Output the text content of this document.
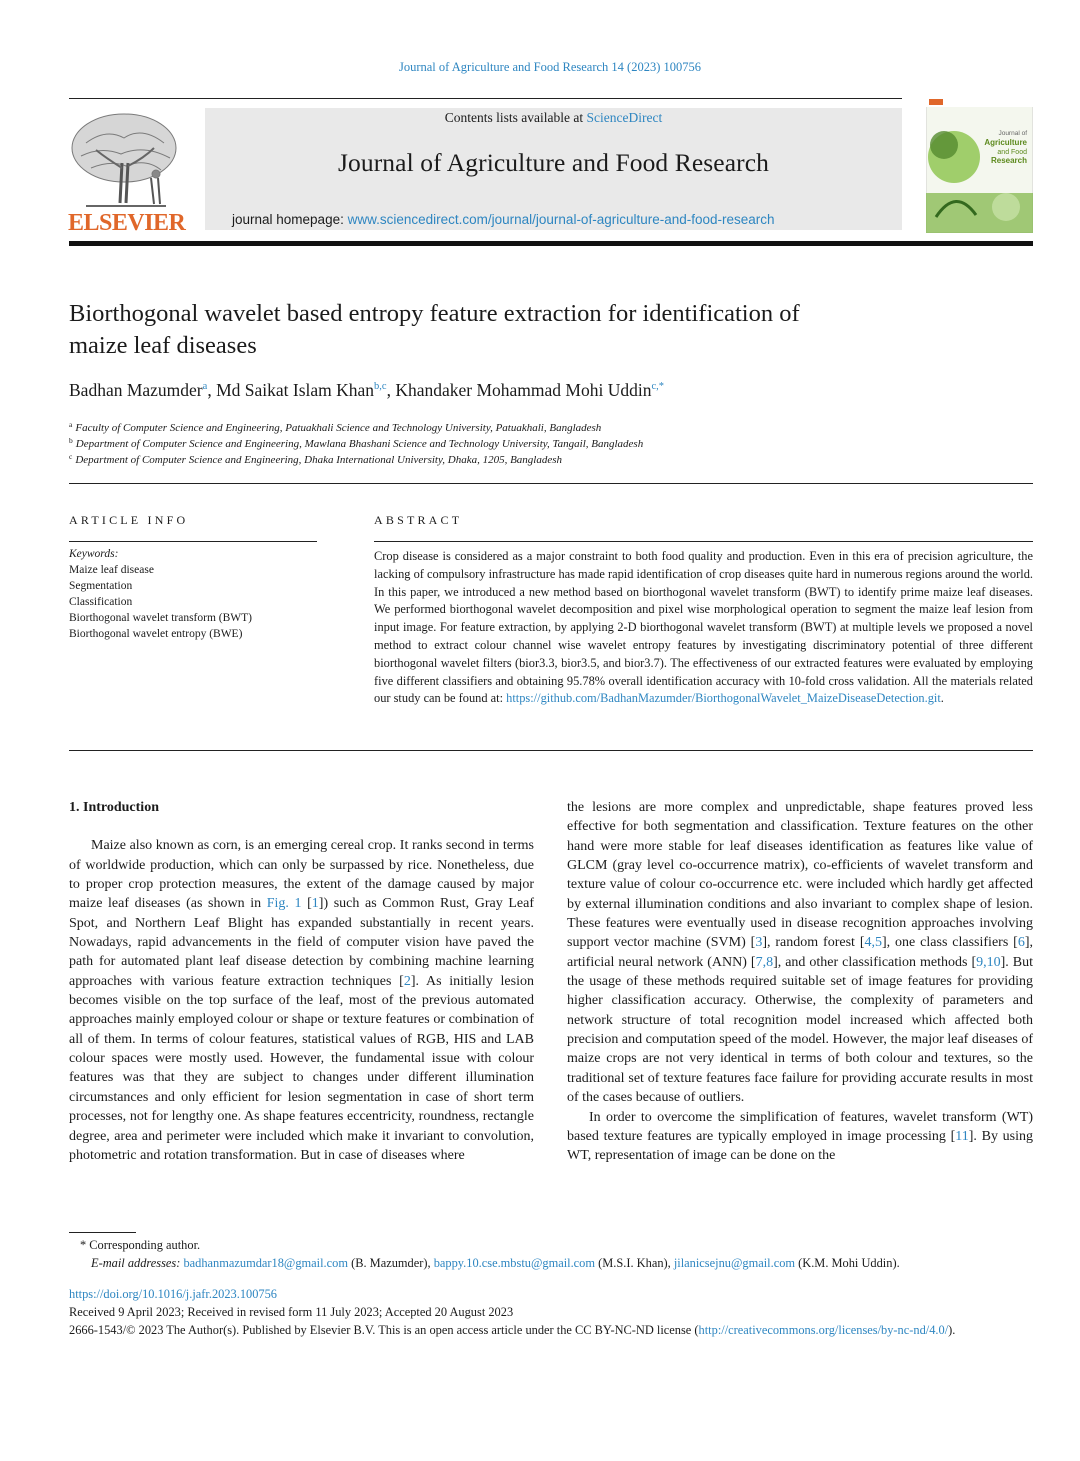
Journal of Agriculture and Food Research 14 (2023) 100756
ELSEVIER
Contents lists available at ScienceDirect
Journal of Agriculture and Food Research
journal homepage: www.sciencedirect.com/journal/journal-of-agriculture-and-food-research
Journal of
Agriculture
and Food
Research
Biorthogonal wavelet based entropy feature extraction for identification of
maize leaf diseases
Badhan Mazumder$^a$, Md Saikat Islam Khan$^{b,c}$, Khandaker Mohammad Mohi Uddin$^{c,*}$
$^a$ Faculty of Computer Science and Engineering, Patuakhali Science and Technology University, Patuakhali, Bangladesh
$^b$ Department of Computer Science and Engineering, Mawlana Bhashani Science and Technology University, Tangail, Bangladesh
$^c$ Department of Computer Science and Engineering, Dhaka International University, Dhaka, 1205, Bangladesh
ARTICLE INFO	ABSTRACT
Keywords:
Maize leaf disease
Segmentation
Classification
Biorthogonal wavelet transform (BWT)
Biorthogonal wavelet entropy (BWE)
Crop disease is considered as a major constraint to both food quality and production. Even in this era of precision agriculture, the lacking of compulsory infrastructure has made rapid identification of crop diseases quite hard in numerous regions around the world. In this paper, we introduced a new method based on biorthogonal wavelet transform (BWT) to identify prime maize leaf diseases. We performed biorthogonal wavelet decomposition and pixel wise morphological operation to segment the maize leaf lesion from input image. For feature extraction, by applying 2-D biorthogonal wavelet transform (BWT) at multiple levels we proposed a novel method to extract colour channel wise wavelet entropy features by investigating discriminatory potential of three different biorthogonal wavelet filters (bior3.3, bior3.5, and bior3.7). The effectiveness of our extracted features were evaluated by employing five different classifiers and obtaining 95.78% overall identification accuracy with 10-fold cross validation. All the materials related our study can be found at: https://github.com/BadhanMazumder/BiorthogonalWavelet_MaizeDiseaseDetection.git.

1. Introduction

Maize also known as corn, is an emerging cereal crop. It ranks second in terms of worldwide production, which can only be surpassed by rice. Nonetheless, due to proper crop protection measures, the extent of the damage caused by major maize leaf diseases (as shown in Fig. 1 [1]) such as Common Rust, Gray Leaf Spot, and Northern Leaf Blight has expanded substantially in recent years. Nowadays, rapid advancements in the field of computer vision have paved the path for automated plant leaf disease detection by combining machine learning approaches with various feature extraction techniques [2]. As initially lesion becomes visible on the top surface of the leaf, most of the previous automated approaches mainly employed colour or shape or texture features or combination of all of them. In terms of colour features, statistical values of RGB, HIS and LAB colour spaces were mostly used. However, the fundamental issue with colour features was that they are subject to changes under different illumination circumstances and only efficient for lesion segmentation in case of short term processes, not for lengthy one. As shape features eccentricity, roundness, rectangle degree, area and perimeter were included which make it invariant to convolution, photometric and rotation transformation. But in case of diseases where

the lesions are more complex and unpredictable, shape features proved less effective for both segmentation and classification. Texture features on the other hand were more stable for leaf diseases identification as features like value of GLCM (gray level co-occurrence matrix), co-efficients of wavelet transform and texture value of colour co-occurrence etc. were included which hardly get affected by external illumination conditions and also invariant to complex shape of lesion. These features were eventually used in disease recognition approaches involving support vector machine (SVM) [3], random forest [4,5], one class classifiers [6], artificial neural network (ANN) [7,8], and other classification methods [9,10]. But the usage of these methods required suitable set of image features for providing higher classification accuracy. Otherwise, the complexity of parameters and network structure of total recognition model increased which affected both precision and computation speed of the model. However, the major leaf diseases of maize crops are not very identical in terms of both colour and textures, so the traditional set of texture features face failure for providing accurate results in most of the cases because of outliers.

In order to overcome the simplification of features, wavelet transform (WT) based texture features are typically employed in image processing [11]. By using WT, representation of image can be done on the

* Corresponding author.
E-mail addresses: badhanmazumdar18@gmail.com (B. Mazumder), bappy.10.cse.mbstu@gmail.com (M.S.I. Khan), jilanicsejnu@gmail.com (K.M. Mohi Uddin).
https://doi.org/10.1016/j.jafr.2023.100756
Received 9 April 2023; Received in revised form 11 July 2023; Accepted 20 August 2023
2666-1543/© 2023 The Author(s). Published by Elsevier B.V. This is an open access article under the CC BY-NC-ND license (http://creativecommons.org/licenses/by-nc-nd/4.0/).
